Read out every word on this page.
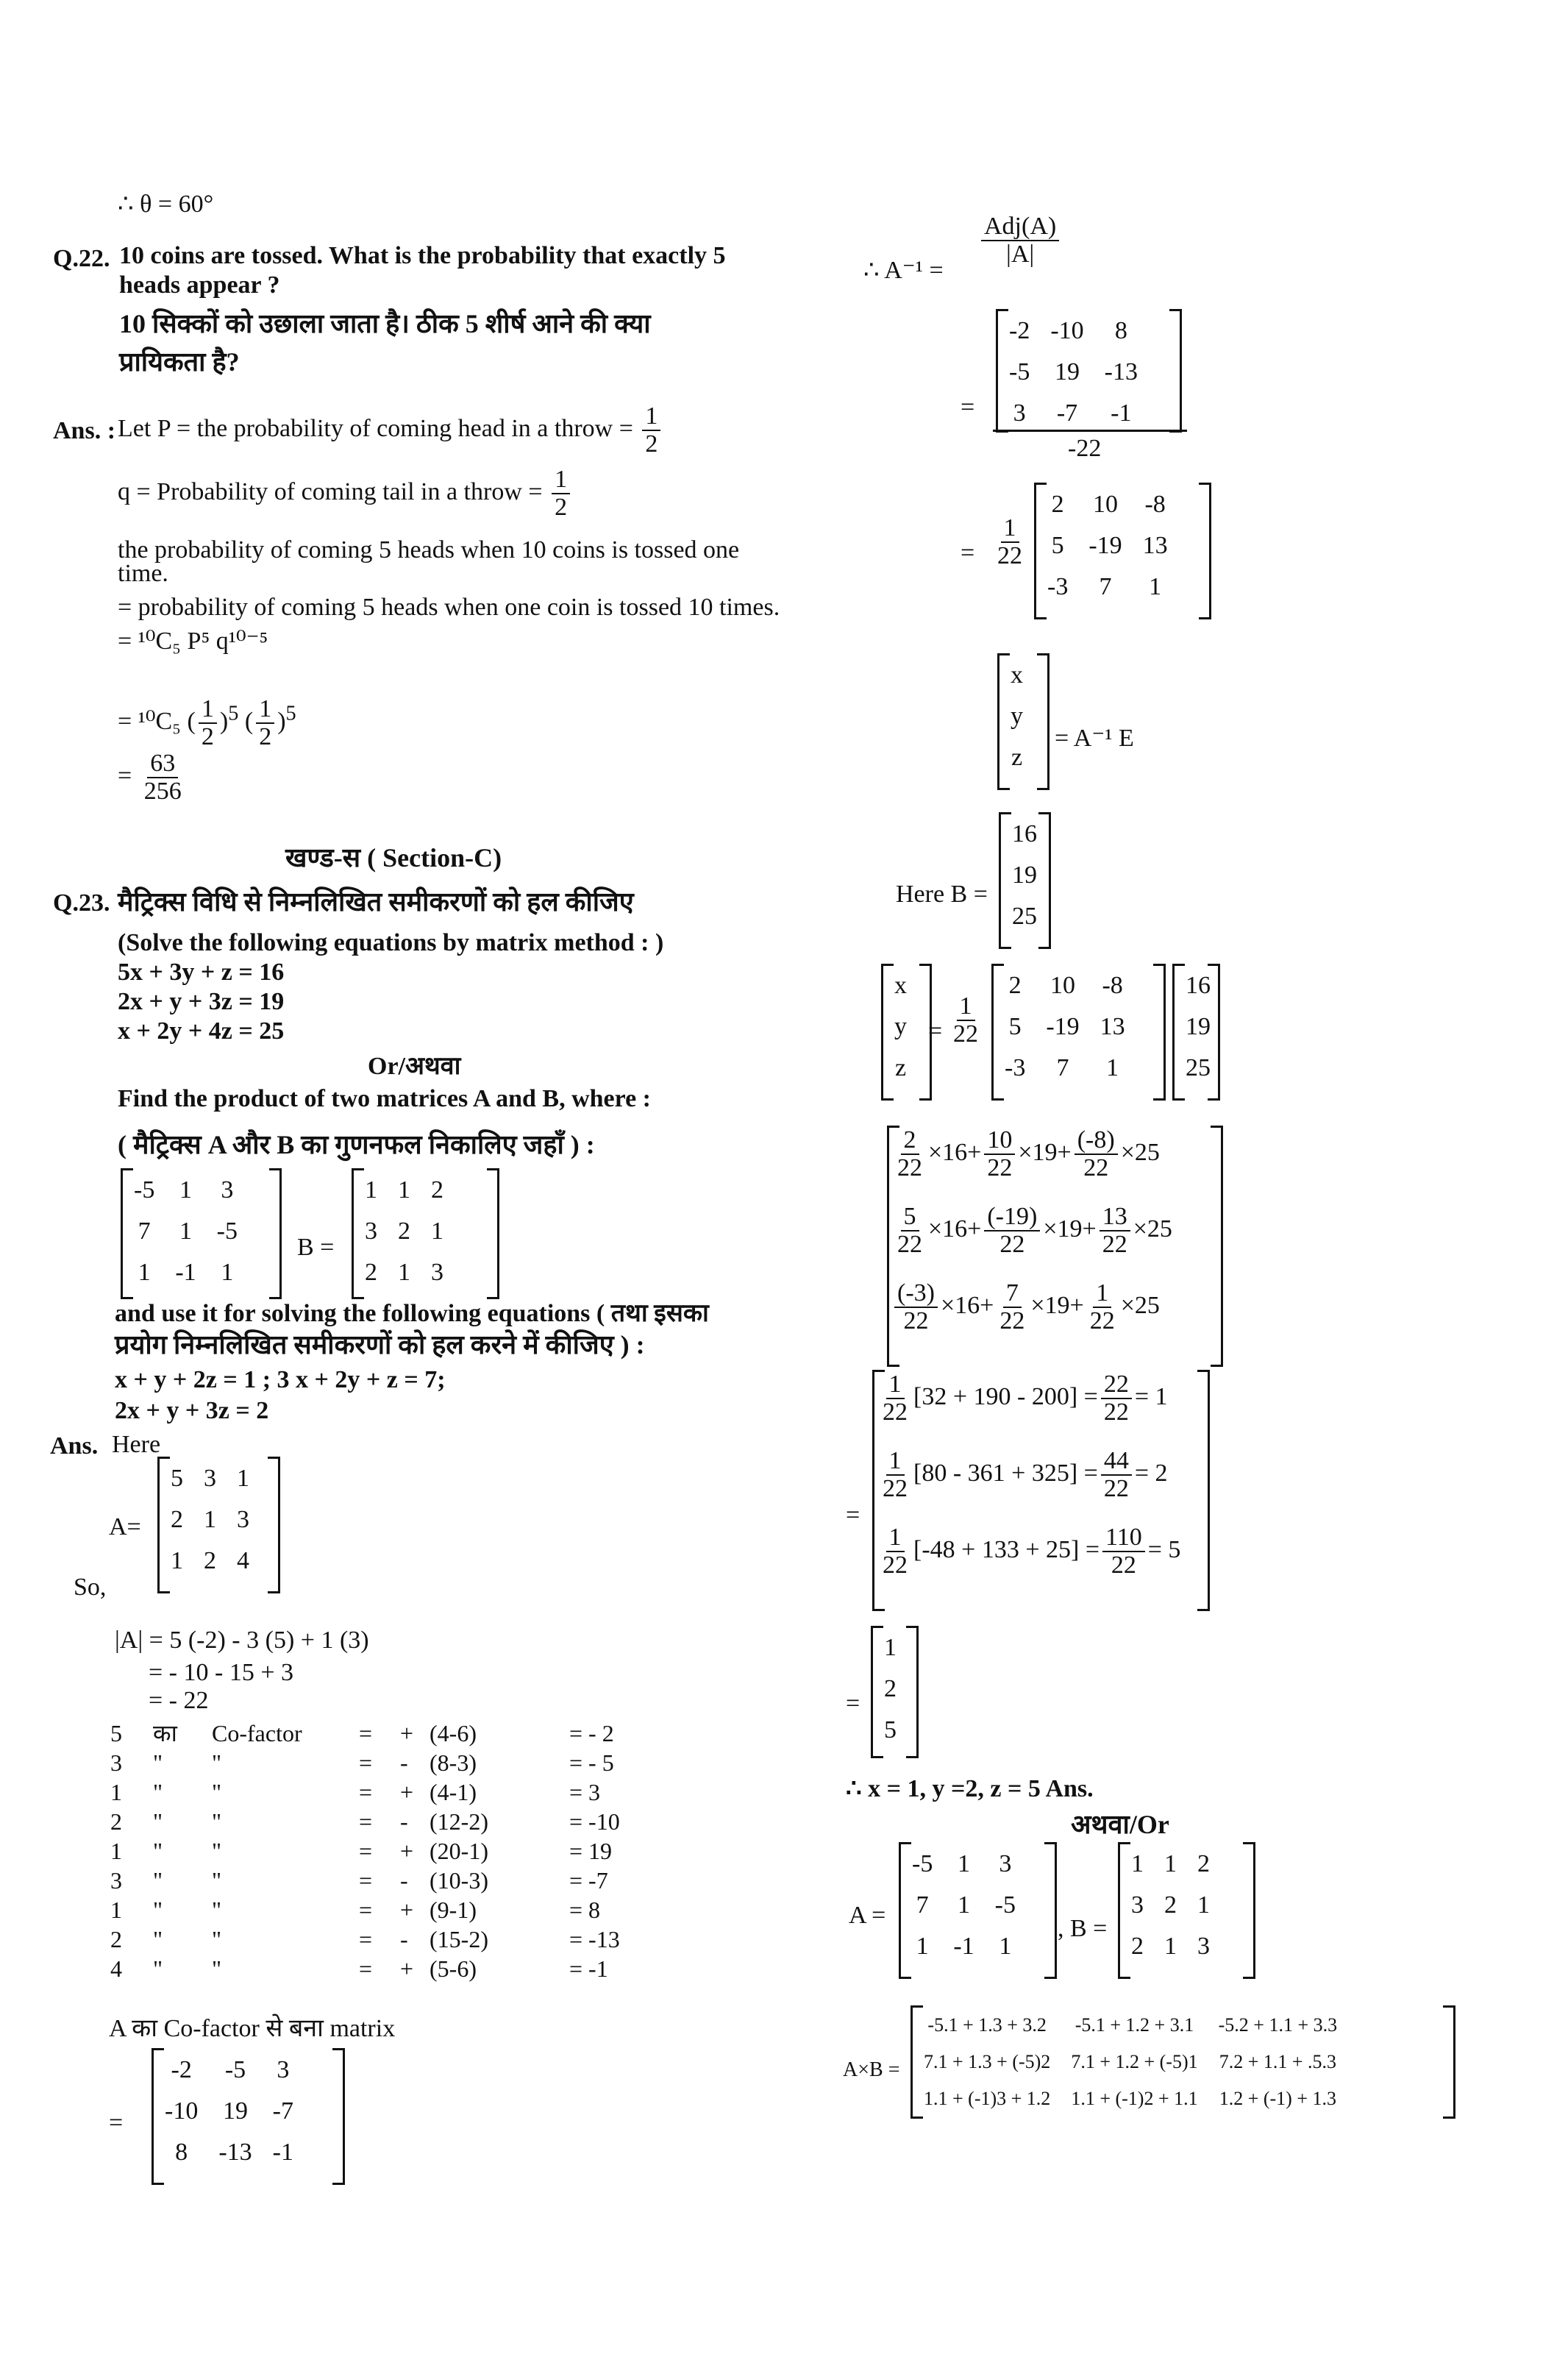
∴ θ = 60°
Q.22. 10 coins are tossed. What is the probability that exactly 5
heads appear ?
10 सिक्कों को उछाला जाता है। ठीक 5 शीर्ष आने की क्या
प्रायिकता है?
Ans. : Let P = the probability of coming head in a throw = $\frac{1}{2}$
q = Probability of coming tail in a throw = $\frac{1}{2}$
the probability of coming 5 heads when 10 coins is tossed one
time.
= probability of coming 5 heads when one coin is tossed 10 times.
= ¹⁰C₅ P⁵ q¹⁰⁻⁵
= ¹⁰C₅ ( $\frac{1}{2} )^5$ ( $\frac{1}{2} )^5$
= $\frac{63}{256}$
खण्ड-स ( Section-C)
Q.23. मैट्रिक्स विधि से निम्नलिखित समीकरणों को हल कीजिए
(Solve the following equations by matrix method : )
5x + 3y + z = 16
2x + y + 3z = 19
x + 2y + 4z = 25
Or/अथवा
Find the product of two matrices A and B, where :
( मैट्रिक्स A और B का गुणनफल निकालिए जहाँ ) :
-5	1	3
7	1	-5
1	-1	1
B =
1	1	2
3	2	1
2	1	3
and use it for solving the following equations ( तथा इसका
प्रयोग निम्नलिखित समीकरणों को हल करने में कीजिए ) :
x + y + 2z = 1 ; 3 x + 2y + z = 7;
2x + y + 3z = 2
Ans. Here
A=
5	3	1
2	1	3
1	2	4
So,
|A| = 5 (-2) - 3 (5) + 1 (3)
= - 10 - 15 + 3
= - 22
5	का	Co-factor	=	+	(4-6)	= - 2
3	"	"	=	-	(8-3)	= - 5
1	"	"	=	+	(4-1)	= 3
2	"	"	=	-	(12-2)	= -10
1	"	"	=	+	(20-1)	= 19
3	"	"	=	-	(10-3)	= -7
1	"	"	=	+	(9-1)	= 8
2	"	"	=	-	(15-2)	= -13
4	"	"	=	+	(5-6)	= -1
A का Co-factor से बना matrix
=
-2	-5	3
-10	19	-7
8	-13	-1
∴ A⁻¹ =
$\frac{\text{Adj(A)}}{|A|}$
=
-2	-10	8
-5	19	-13
3	-7	-1
-22
= $\frac{1}{22}$
2	10	-8
5	-19	13
-3	7	1
x
y
z
= A⁻¹ E
Here B =
16
19
25
x
y
z
= $\frac{1}{22}$
2	10	-8
5	-19	13
-3	7	1
16
19
25
$\frac{2}{22} \times 16+ \frac{10}{22} \times 19+ \frac{(-8)}{22} \times 25$
$\frac{5}{22} \times 16+ \frac{(-19)}{22} \times 19+ \frac{13}{22} \times 25$
$\frac{(-3)}{22} \times 16+ \frac{7}{22} \times 19+ \frac{1}{22} \times 25$
=
$\frac{1}{22} [32 + 190 - 200] = \frac{22}{22} = 1$
$\frac{1}{22} [80 - 361 + 325] = \frac{44}{22} = 2$
$\frac{1}{22} [-48 + 133 + 25] = \frac{110}{22} = 5$
=
1
2
5
∴ x = 1, y =2, z = 5 Ans.
अथवा/Or
A =
-5	1	3
7	1	-5
1	-1	1
, B =
1	1	2
3	2	1
2	1	3
A×B =
-5.1 + 1.3 + 3.2	-5.1 + 1.2 + 3.1	-5.2 + 1.1 + 3.3
7.1 + 1.3 + (-5)2	7.1 + 1.2 + (-5)1	7.2 + 1.1 + .5.3
1.1 + (-1)3 + 1.2	1.1 + (-1)2 + 1.1	1.2 + (-1) + 1.3
